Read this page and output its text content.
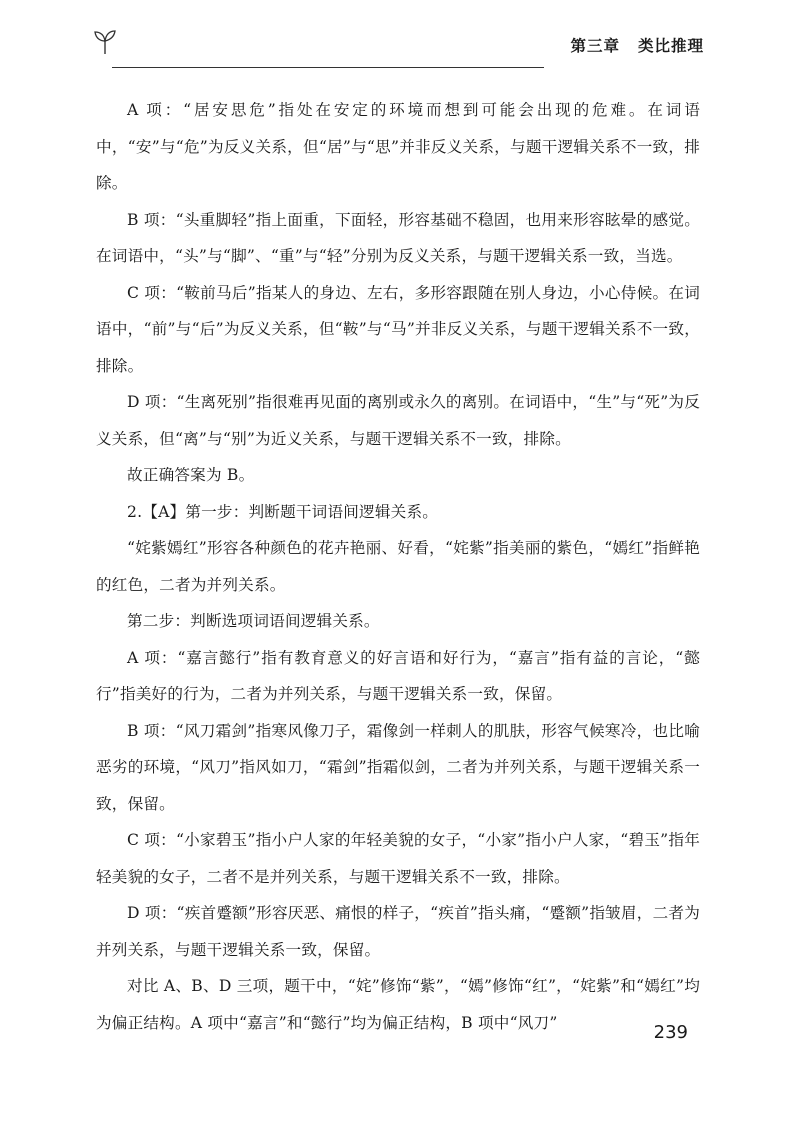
第三章 类比推理

A 项：“居安思危”指处在安定的环境而想到可能会出现的危难。在词语中，“安”与“危”为反义关系，但“居”与“思”并非反义关系，与题干逻辑关系不一致，排除。

B 项：“头重脚轻”指上面重，下面轻，形容基础不稳固，也用来形容眩晕的感觉。在词语中，“头”与“脚”、“重”与“轻”分别为反义关系，与题干逻辑关系一致，当选。

C 项：“鞍前马后”指某人的身边、左右，多形容跟随在别人身边，小心侍候。在词语中，“前”与“后”为反义关系，但“鞍”与“马”并非反义关系，与题干逻辑关系不一致，排除。

D 项：“生离死别”指很难再见面的离别或永久的离别。在词语中，“生”与“死”为反义关系，但“离”与“别”为近义关系，与题干逻辑关系不一致，排除。

故正确答案为 B。

2.【A】第一步：判断题干词语间逻辑关系。

“姹紫嫣红”形容各种颜色的花卉艳丽、好看，“姹紫”指美丽的紫色，“嫣红”指鲜艳的红色，二者为并列关系。

第二步：判断选项词语间逻辑关系。

A 项：“嘉言懿行”指有教育意义的好言语和好行为，“嘉言”指有益的言论，“懿行”指美好的行为，二者为并列关系，与题干逻辑关系一致，保留。

B 项：“风刀霜剑”指寒风像刀子，霜像剑一样刺人的肌肤，形容气候寒冷，也比喻恶劣的环境，“风刀”指风如刀，“霜剑”指霜似剑，二者为并列关系，与题干逻辑关系一致，保留。

C 项：“小家碧玉”指小户人家的年轻美貌的女子，“小家”指小户人家，“碧玉”指年轻美貌的女子，二者不是并列关系，与题干逻辑关系不一致，排除。

D 项：“疾首蹙额”形容厌恶、痛恨的样子，“疾首”指头痛，“蹙额”指皱眉，二者为并列关系，与题干逻辑关系一致，保留。

对比 A、B、D 三项，题干中，“姹”修饰“紫”，“嫣”修饰“红”，“姹紫”和“嫣红”均为偏正结构。A 项中“嘉言”和“懿行”均为偏正结构，B 项中“风刀”	239
